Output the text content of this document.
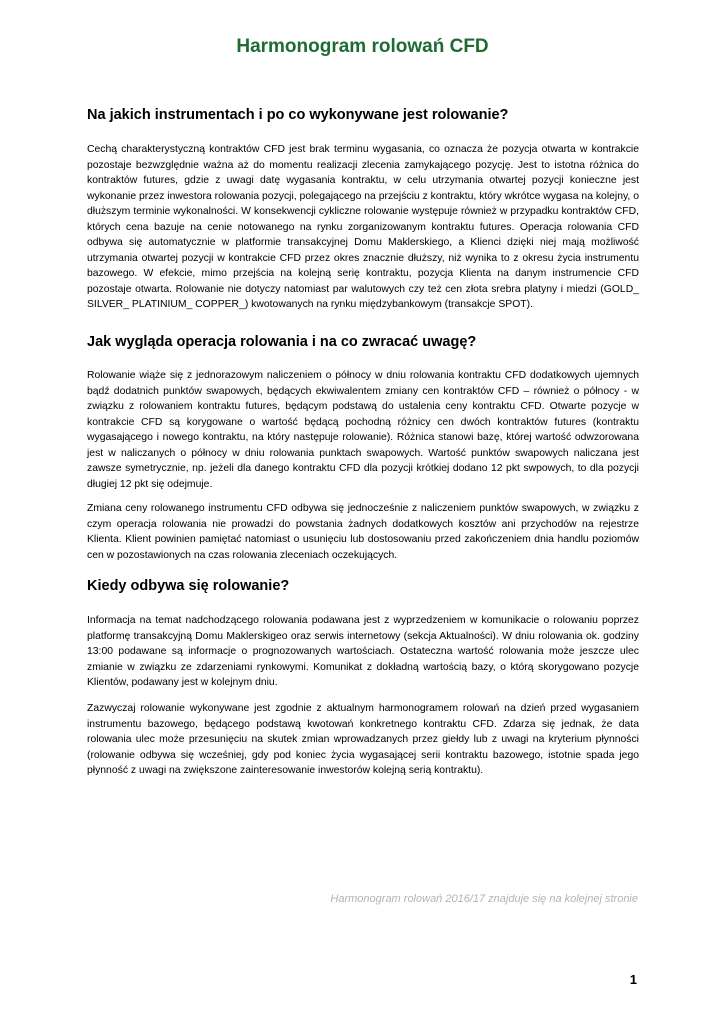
Harmonogram rolowań CFD
Na jakich instrumentach i po co wykonywane jest rolowanie?

Cechą charakterystyczną kontraktów CFD jest brak terminu wygasania, co oznacza że pozycja otwarta w kontrakcie pozostaje bezwzględnie ważna aż do momentu realizacji zlecenia zamykającego pozycję. Jest to istotna różnica do kontraktów futures, gdzie z uwagi datę wygasania kontraktu, w celu utrzymania otwartej pozycji konieczne jest wykonanie przez inwestora rolowania pozycji, polegającego na przejściu z kontraktu, który wkrótce wygasa na kolejny, o dłuższym terminie wykonalności. W konsekwencji cykliczne rolowanie występuje również w przypadku kontraktów CFD, których cena bazuje na cenie notowanego na rynku zorganizowanym kontraktu futures. Operacja rolowania CFD odbywa się automatycznie w platformie transakcyjnej Domu Maklerskiego, a Klienci dzięki niej mają możliwość utrzymania otwartej pozycji w kontrakcie CFD przez okres znacznie dłuższy, niż wynika to z okresu życia instrumentu bazowego. W efekcie, mimo przejścia na kolejną serię kontraktu, pozycja Klienta na danym instrumencie CFD pozostaje otwarta. Rolowanie nie dotyczy natomiast par walutowych czy też cen złota srebra platyny i miedzi (GOLD_ SILVER_ PLATINIUM_ COPPER_) kwotowanych na rynku międzybankowym (transakcje SPOT).

Jak wygląda operacja rolowania i na co zwracać uwagę?

Rolowanie wiąże się z jednorazowym naliczeniem o północy w dniu rolowania kontraktu CFD dodatkowych ujemnych bądź dodatnich punktów swapowych, będących ekwiwalentem zmiany cen kontraktów CFD – również o północy - w związku z rolowaniem kontraktu futures, będącym podstawą do ustalenia ceny kontraktu CFD. Otwarte pozycje w kontrakcie CFD są korygowane o wartość będącą pochodną różnicy cen dwóch kontraktów futures (kontraktu wygasającego i nowego kontraktu, na który następuje rolowanie). Różnica stanowi bazę, której wartość odwzorowana jest w naliczanych o północy w dniu rolowania punktach swapowych. Wartość punktów swapowych naliczana jest zawsze symetrycznie, np. jeżeli dla danego kontraktu CFD dla pozycji krótkiej dodano 12 pkt swpowych, to dla pozycji długiej 12 pkt się odejmuje.

Zmiana ceny rolowanego instrumentu CFD odbywa się jednocześnie z naliczeniem punktów swapowych, w związku z czym operacja rolowania nie prowadzi do powstania żadnych dodatkowych kosztów ani przychodów na rejestrze Klienta. Klient powinien pamiętać natomiast o usunięciu lub dostosowaniu przed zakończeniem dnia handlu poziomów cen w pozostawionych na czas rolowania zleceniach oczekujących.

Kiedy odbywa się rolowanie?

Informacja na temat nadchodzącego rolowania podawana jest z wyprzedzeniem w komunikacie o rolowaniu poprzez platformę transakcyjną Domu Maklerskigeo oraz serwis internetowy (sekcja Aktualności). W dniu rolowania ok. godziny 13:00 podawane są informacje o prognozowanych wartościach. Ostateczna wartość rolowania może jeszcze ulec zmianie w związku ze zdarzeniami rynkowymi. Komunikat z dokładną wartością bazy, o którą skorygowano pozycje Klientów, podawany jest w kolejnym dniu.

Zazwyczaj rolowanie wykonywane jest zgodnie z aktualnym harmonogramem rolowań na dzień przed wygasaniem instrumentu bazowego, będącego podstawą kwotowań konkretnego kontraktu CFD. Zdarza się jednak, że data rolowania ulec może przesunięciu na skutek zmian wprowadzanych przez giełdy lub z uwagi na kryterium płynności (rolowanie odbywa się wcześniej, gdy pod koniec życia wygasającej serii kontraktu bazowego, istotnie spada jego płynność z uwagi na zwiększone zainteresowanie inwestorów kolejną serią kontraktu).

Harmonogram rolowań 2016/17 znajduje się na kolejnej stronie

1
